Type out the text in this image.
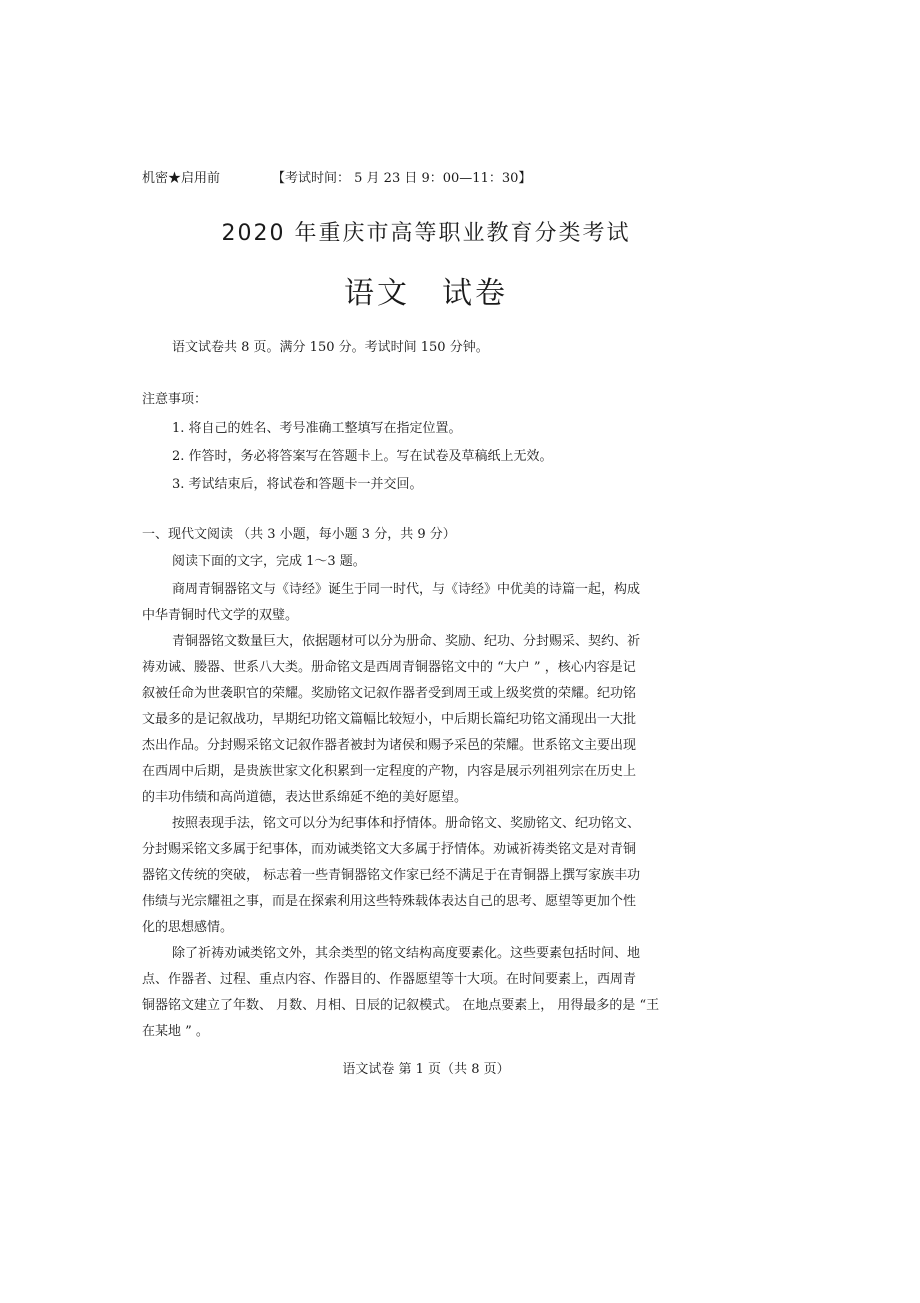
机密★启用前	【考试时间： 5 月 23 日 9：00—11：30】
2020 年重庆市高等职业教育分类考试
语文 试卷
语文试卷共 8 页。满分 150 分。考试时间 150 分钟。
注意事项：
1. 将自己的姓名、考号准确工整填写在指定位置。
2. 作答时，务必将答案写在答题卡上。写在试卷及草稿纸上无效。
3. 考试结束后，将试卷和答题卡一并交回。
一、现代文阅读 （共 3 小题，每小题 3 分，共 9 分）
阅读下面的文字，完成 1～3 题。
商周青铜器铭文与《诗经》诞生于同一时代，与《诗经》中优美的诗篇一起，构成
中华青铜时代文学的双璧。
青铜器铭文数量巨大，依据题材可以分为册命、奖励、纪功、分封赐采、契约、祈
祷劝诫、媵器、世系八大类。册命铭文是西周青铜器铭文中的 “大户 ” ，核心内容是记
叙被任命为世袭职官的荣耀。奖励铭文记叙作器者受到周王或上级奖赏的荣耀。纪功铭
文最多的是记叙战功，早期纪功铭文篇幅比较短小，中后期长篇纪功铭文涌现出一大批
杰出作品。分封赐采铭文记叙作器者被封为诸侯和赐予采邑的荣耀。世系铭文主要出现
在西周中后期，是贵族世家文化积累到一定程度的产物，内容是展示列祖列宗在历史上
的丰功伟绩和高尚道德，表达世系绵延不绝的美好愿望。
按照表现手法，铭文可以分为纪事体和抒情体。册命铭文、奖励铭文、纪功铭文、
分封赐采铭文多属于纪事体，而劝诫类铭文大多属于抒情体。劝诫祈祷类铭文是对青铜
器铭文传统的突破， 标志着一些青铜器铭文作家已经不满足于在青铜器上撰写家族丰功
伟绩与光宗耀祖之事，而是在探索利用这些特殊载体表达自己的思考、愿望等更加个性
化的思想感情。
除了祈祷劝诫类铭文外，其余类型的铭文结构高度要素化。这些要素包括时间、地
点、作器者、过程、重点内容、作器目的、作器愿望等十大项。在时间要素上，西周青
铜器铭文建立了年数、 月数、月相、日辰的记叙模式。 在地点要素上， 用得最多的是 “王
在某地 ” 。
语文试卷 第 1 页（共 8 页）
